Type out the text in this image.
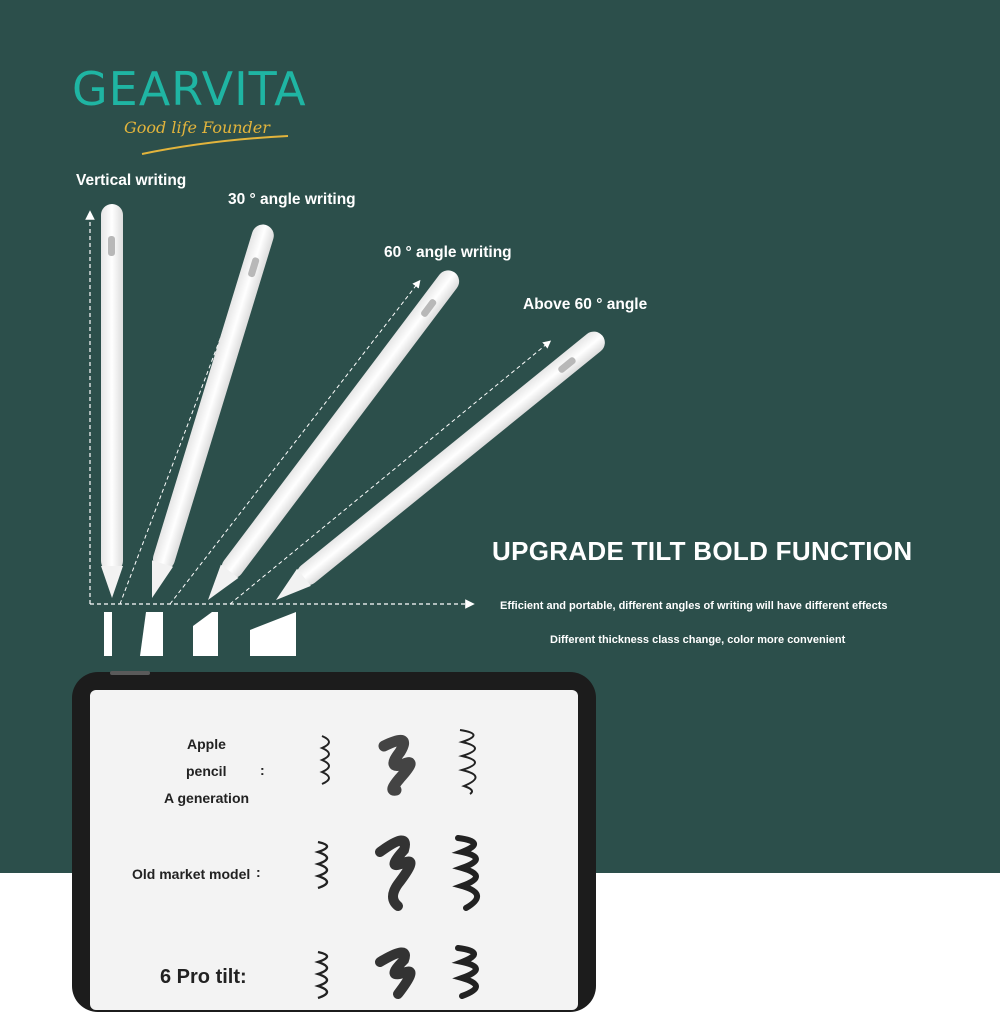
GEARVITA
Good life Founder
Vertical writing
30 ° angle writing
60 ° angle writing
Above 60 ° angle
UPGRADE TILT BOLD FUNCTION
Efficient and portable, different angles of writing will have different effects
Different thickness class change, color more convenient
Apple
pencil
A generation
:
Old market model :
6 Pro tilt:
